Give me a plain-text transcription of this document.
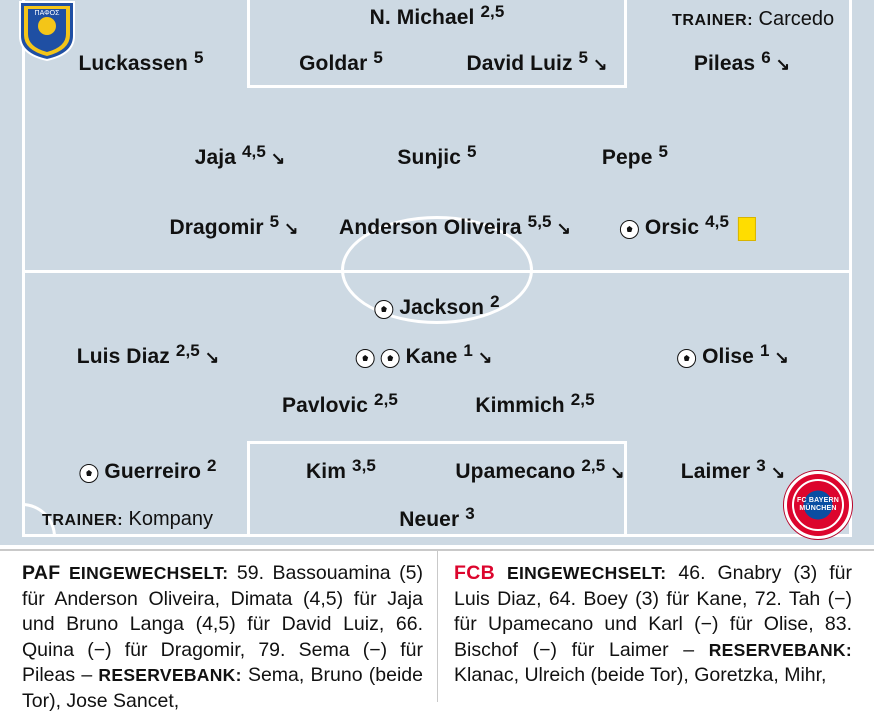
ΠΑΦΟΣ
FC BAYERN
MÜNCHEN
TRAINER: Carcedo
N. Michael 2,5
Luckassen 5	Goldar 5	David Luiz 5 ↘	Pileas 6 ↘
Jaja 4,5 ↘	Sunjic 5	Pepe 5
Dragomir 5 ↘ Anderson Oliveira 5,5 ↘	Orsic 4,5
Jackson 2
Luis Diaz 2,5 ↘	Kane 1 ↘	Olise 1 ↘
Pavlovic 2,5	Kimmich 2,5
Guerreiro 2	Kim 3,5	Upamecano 2,5 ↘	Laimer 3 ↘
Neuer 3
TRAINER: Kompany
PAF EINGEWECHSELT: 59. Bassouamina (5) für Anderson Oliveira, Dimata (4,5) für Jaja und Bruno Langa (4,5) für David Luiz, 66. Quina (−) für Dragomir, 79. Sema (−) für Pileas – RESERVEBANK: Sema, Bruno (beide Tor), Jose Sancet,
FCB EINGEWECHSELT: 46. Gnabry (3) für Luis Diaz, 64. Boey (3) für Kane, 72. Tah (−) für Upamecano und Karl (−) für Olise, 83. Bischof (−) für Laimer – RESERVEBANK: Klanac, Ulreich (beide Tor), Goretzka, Mihr,
